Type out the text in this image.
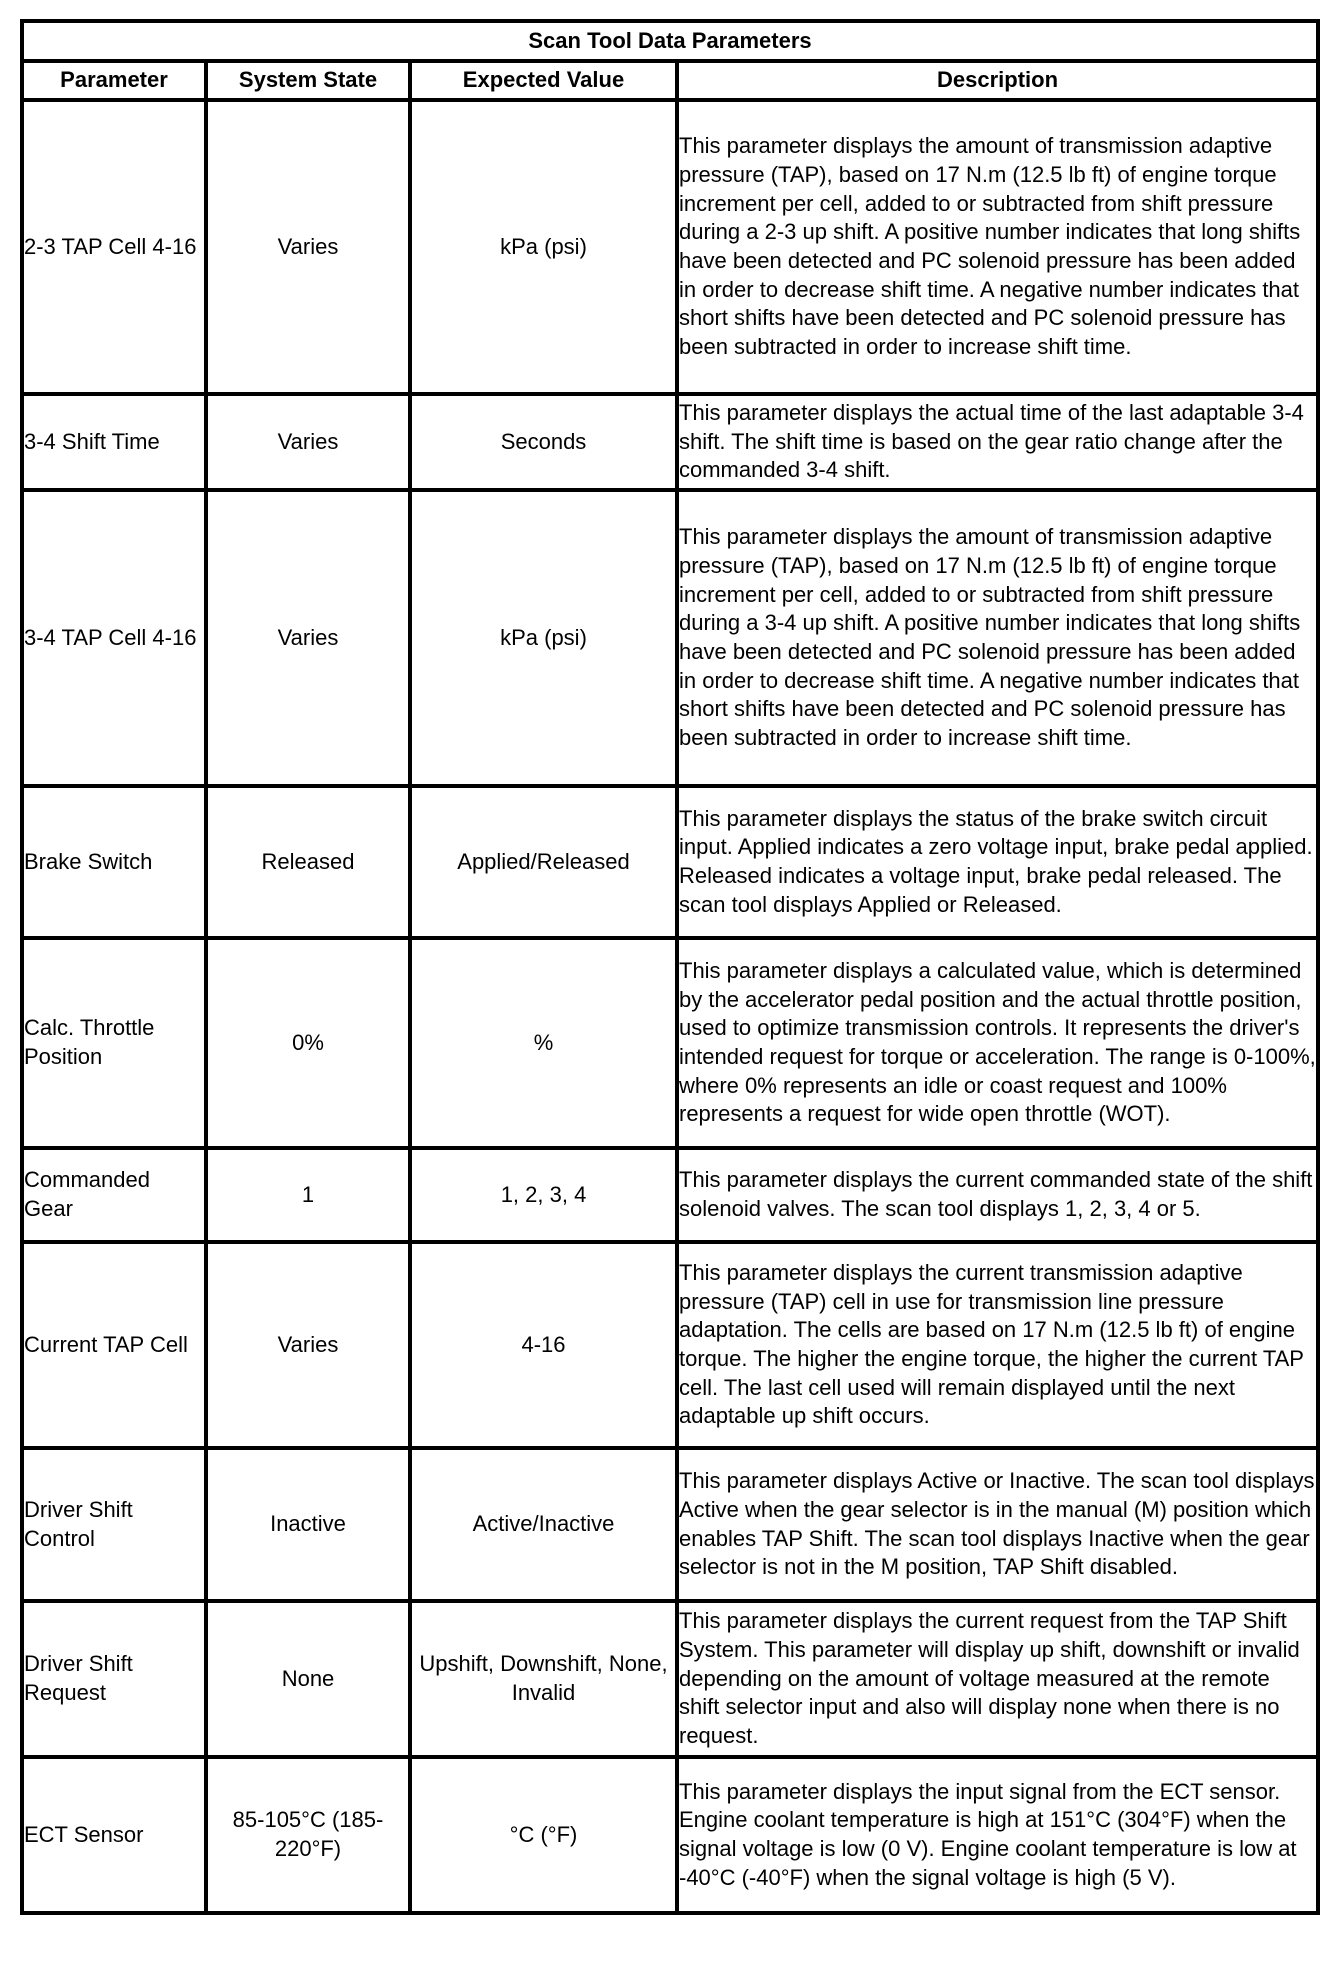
Scan Tool Data Parameters			
Parameter	System State	Expected Value	Description
2-3 TAP Cell 4-16	Varies	kPa (psi)	This parameter displays the amount of transmission adaptive pressure (TAP), based on 17 N.m (12.5 lb ft) of engine torque increment per cell, added to or subtracted from shift pressure during a 2-3 up shift. A positive number indicates that long shifts have been detected and PC solenoid pressure has been added in order to decrease shift time. A negative number indicates that short shifts have been detected and PC solenoid pressure has been subtracted in order to increase shift time.
3-4 Shift Time	Varies	Seconds	This parameter displays the actual time of the last adaptable 3-4 shift. The shift time is based on the gear ratio change after the commanded 3-4 shift.
3-4 TAP Cell 4-16	Varies	kPa (psi)	This parameter displays the amount of transmission adaptive pressure (TAP), based on 17 N.m (12.5 lb ft) of engine torque increment per cell, added to or subtracted from shift pressure during a 3-4 up shift. A positive number indicates that long shifts have been detected and PC solenoid pressure has been added in order to decrease shift time. A negative number indicates that short shifts have been detected and PC solenoid pressure has been subtracted in order to increase shift time.
Brake Switch	Released	Applied/Released	This parameter displays the status of the brake switch circuit input. Applied indicates a zero voltage input, brake pedal applied. Released indicates a voltage input, brake pedal released. The scan tool displays Applied or Released.
Calc. Throttle Position	0%	%	This parameter displays a calculated value, which is determined by the accelerator pedal position and the actual throttle position, used to optimize transmission controls. It represents the driver's intended request for torque or acceleration. The range is 0-100%, where 0% represents an idle or coast request and 100% represents a request for wide open throttle (WOT).
Commanded Gear	1	1, 2, 3, 4	This parameter displays the current commanded state of the shift solenoid valves. The scan tool displays 1, 2, 3, 4 or 5.
Current TAP Cell	Varies	4-16	This parameter displays the current transmission adaptive pressure (TAP) cell in use for transmission line pressure adaptation. The cells are based on 17 N.m (12.5 lb ft) of engine torque. The higher the engine torque, the higher the current TAP cell. The last cell used will remain displayed until the next adaptable up shift occurs.
Driver Shift Control	Inactive	Active/Inactive	This parameter displays Active or Inactive. The scan tool displays Active when the gear selector is in the manual (M) position which enables TAP Shift. The scan tool displays Inactive when the gear selector is not in the M position, TAP Shift disabled.
Driver Shift Request	None	Upshift, Downshift, None, Invalid	This parameter displays the current request from the TAP Shift System. This parameter will display up shift, downshift or invalid depending on the amount of voltage measured at the remote shift selector input and also will display none when there is no request.
ECT Sensor	85-105°C (185-220°F)	°C (°F)	This parameter displays the input signal from the ECT sensor. Engine coolant temperature is high at 151°C (304°F) when the signal voltage is low (0 V). Engine coolant temperature is low at -40°C (-40°F) when the signal voltage is high (5 V).
